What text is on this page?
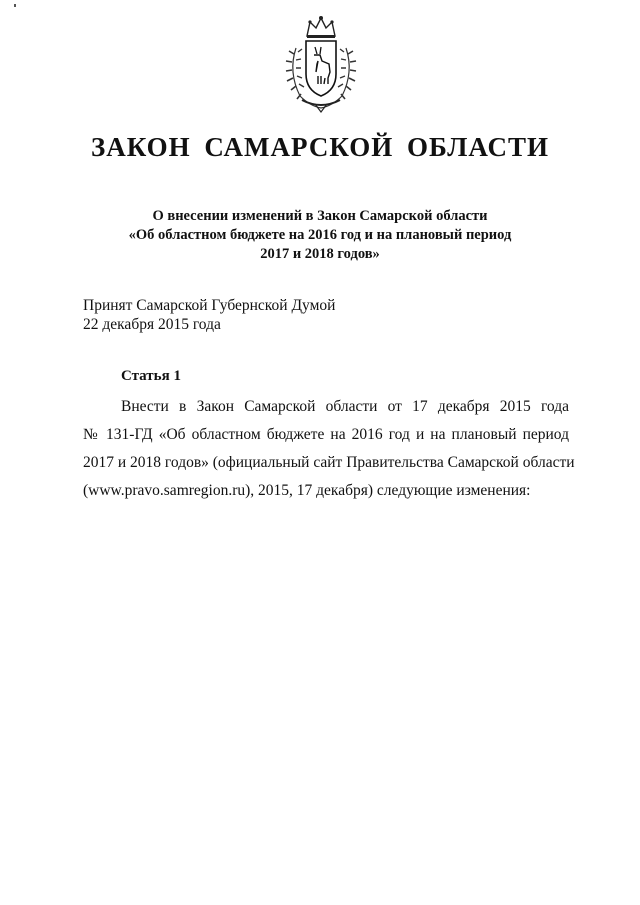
ЗАКОН САМАРСКОЙ ОБЛАСТИ
О внесении изменений в Закон Самарской области
«Об областном бюджете на 2016 год и на плановый период
2017 и 2018 годов»
Принят Самарской Губернской Думой
22 декабря 2015 года
Статья 1
Внести в Закон Самарской области от 17 декабря 2015 года
№ 131-ГД «Об областном бюджете на 2016 год и на плановый период
2017 и 2018 годов» (официальный сайт Правительства Самарской области
(www.pravo.samregion.ru), 2015, 17 декабря) следующие изменения:
